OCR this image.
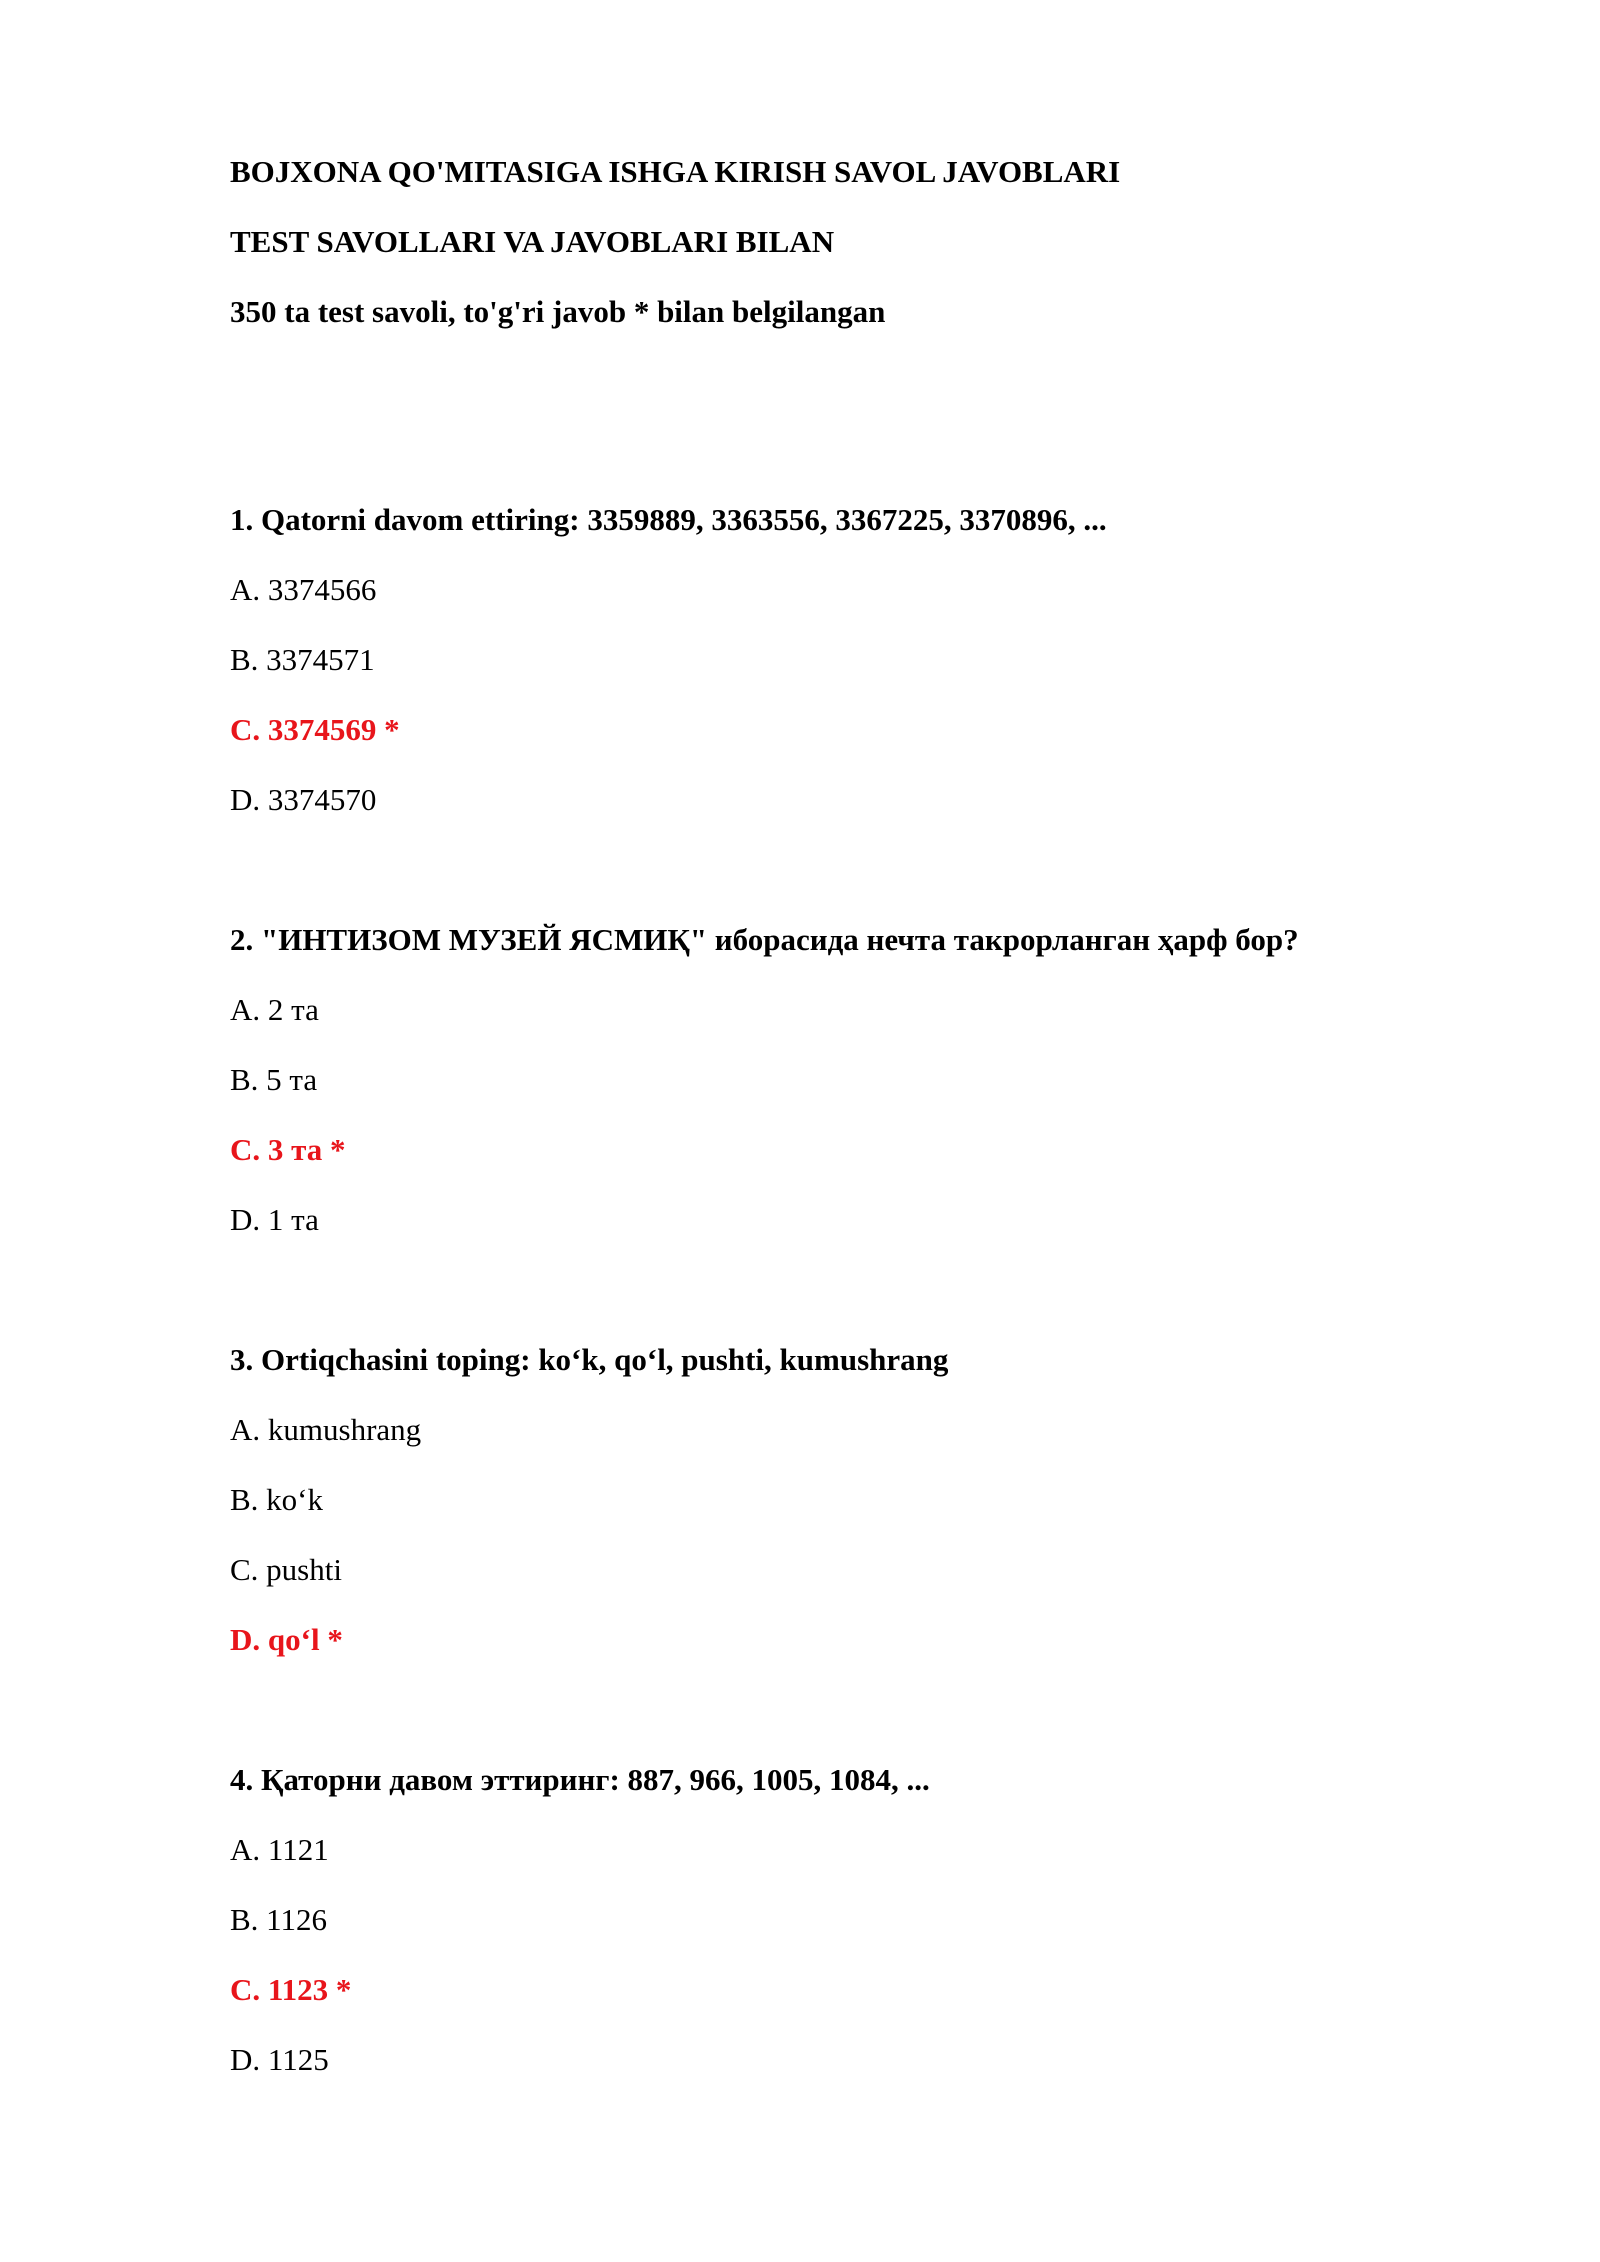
BOJXONA QO'MITASIGA ISHGA KIRISH SAVOL JAVOBLARI
TEST SAVOLLARI VA JAVOBLARI BILAN
350 ta test savoli, to'g'ri javob * bilan belgilangan
1. Qatorni davom ettiring: 3359889, 3363556, 3367225, 3370896, ...
A. 3374566
B. 3374571
C. 3374569 *
D. 3374570
2. "ИНТИЗОМ МУЗЕЙ ЯСМИҚ" иборасида нечта такрорланган ҳарф бор?
A. 2 та
B. 5 та
C. 3 та *
D. 1 та
3. Ortiqchasini toping: ko‘k, qo‘l, pushti, kumushrang
A. kumushrang
B. ko‘k
C. pushti
D. qo‘l *
4. Қаторни давом эттиринг: 887, 966, 1005, 1084, ...
A. 1121
B. 1126
C. 1123 *
D. 1125
